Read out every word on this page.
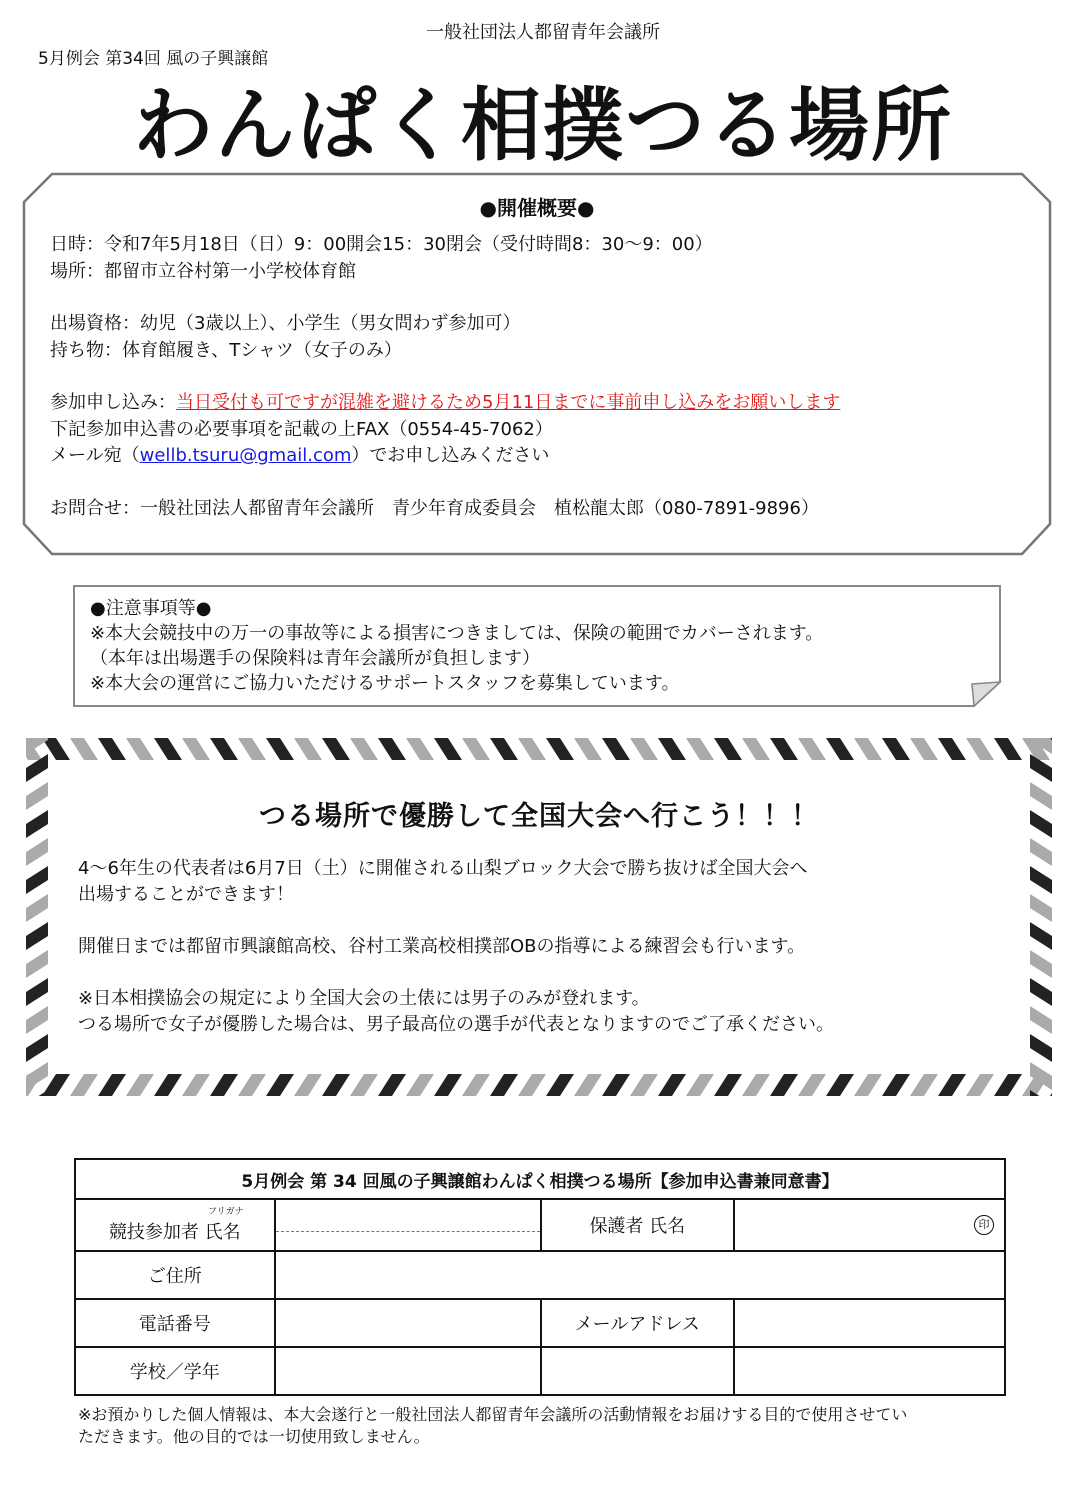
一般社団法人都留青年会議所
5月例会 第34回 風の子興譲館
わんぱく相撲つる場所
●開催概要●
日時：令和7年5月18日（日）9：00開会15：30閉会（受付時間8：30〜9：00）
場所：都留市立谷村第一小学校体育館
出場資格：幼児（3歳以上）、小学生（男女問わず参加可）
持ち物：体育館履き、Tシャツ（女子のみ）
参加申し込み：当日受付も可ですが混雑を避けるため5月11日までに事前申し込みをお願いします
下記参加申込書の必要事項を記載の上FAX（0554-45-7062）
メール宛（wellb.tsuru@gmail.com）でお申し込みください
お問合せ：一般社団法人都留青年会議所　青少年育成委員会　植松龍太郎（080-7891-9896）
●注意事項等●
※本大会競技中の万一の事故等による損害につきましては、保険の範囲でカバーされます。
（本年は出場選手の保険料は青年会議所が負担します）
※本大会の運営にご協力いただけるサポートスタッフを募集しています。
つる場所で優勝して全国大会へ行こう！！！
4〜6年生の代表者は6月7日（土）に開催される山梨ブロック大会で勝ち抜けば全国大会へ
出場することができます！
開催日までは都留市興譲館高校、谷村工業高校相撲部OBの指導による練習会も行います。
※日本相撲協会の規定により全国大会の土俵には男子のみが登れます。
つる場所で女子が優勝した場合は、男子最高位の選手が代表となりますのでご了承ください。
5月例会 第 34 回風の子興譲館わんぱく相撲つる場所【参加申込書兼同意書】			

フリガナ
競技参加者 氏名		保護者 氏名	印

ご住所			
電話番号		メールアドレス	
学校／学年			
※お預かりした個人情報は、本大会遂行と一般社団法人都留青年会議所の活動情報をお届けする目的で使用させてい
ただきます。他の目的では一切使用致しません。
